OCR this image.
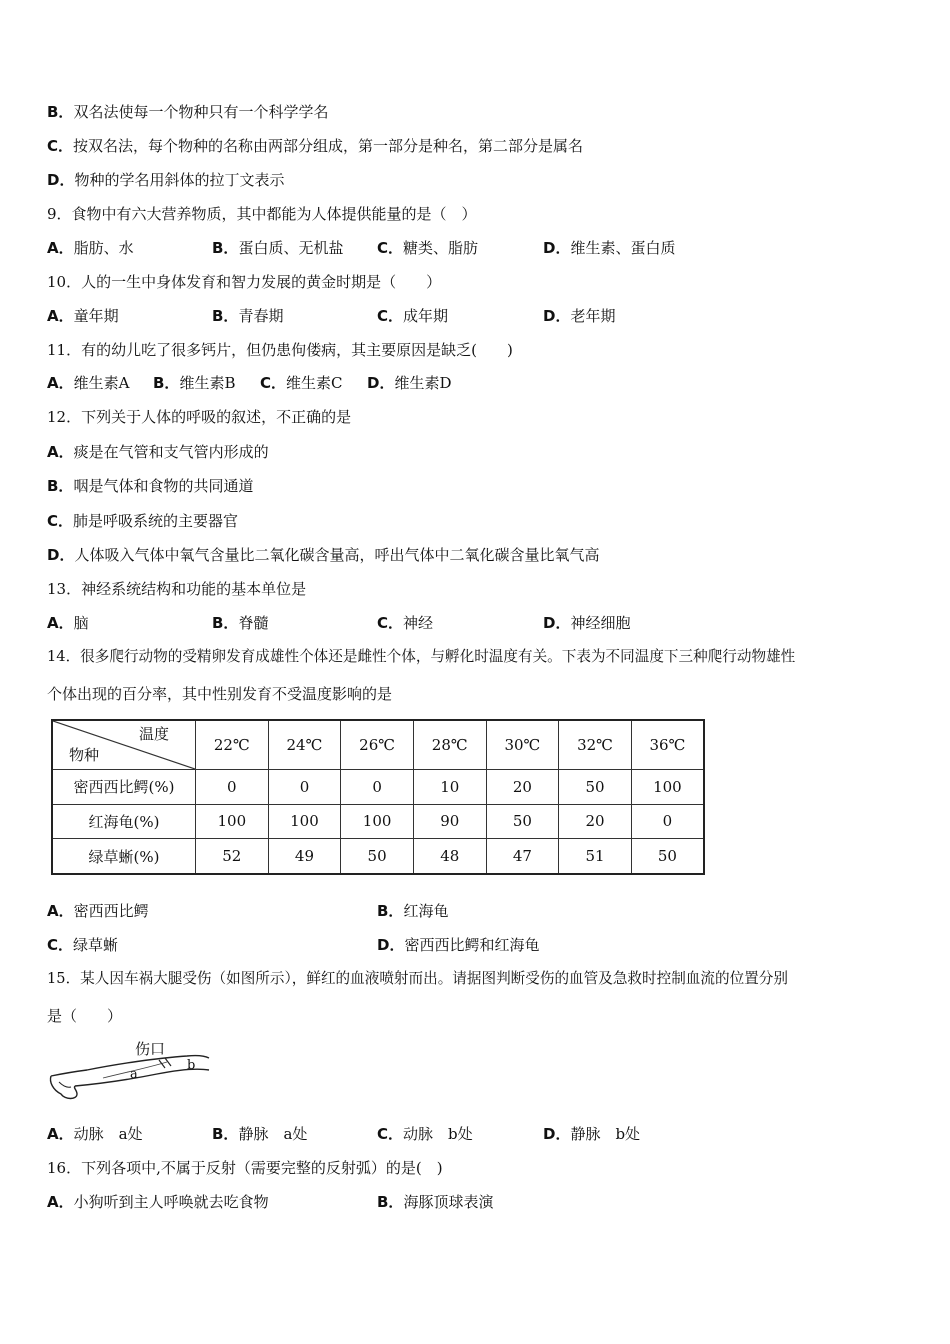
B．双名法使每一个物种只有一个科学学名
C．按双名法，每个物种的名称由两部分组成，第一部分是种名，第二部分是属名
D．物种的学名用斜体的拉丁文表示
9．食物中有六大营养物质，其中都能为人体提供能量的是（　）
A．脂肪、水	B．蛋白质、无机盐 C．糖类、脂肪	D．维生素、蛋白质
10．人的一生中身体发育和智力发展的黄金时期是（　　）
A．童年期	B．青春期	C．成年期	D．老年期
11．有的幼儿吃了很多钙片，但仍患佝偻病，其主要原因是缺乏(　　)
A．维生素A B．维生素B C．维生素C D．维生素D
12．下列关于人体的呼吸的叙述，不正确的是
A．痰是在气管和支气管内形成的
B．咽是气体和食物的共同通道
C．肺是呼吸系统的主要器官
D．人体吸入气体中氧气含量比二氧化碳含量高，呼出气体中二氧化碳含量比氧气高
13．神经系统结构和功能的基本单位是
A．脑	B．脊髓	C．神经	D．神经细胞
14．很多爬行动物的受精卵发育成雄性个体还是雌性个体，与孵化时温度有关。下表为不同温度下三种爬行动物雄性
个体出现的百分率，其中性别发育不受温度影响的是
温度
物种	22℃	24℃	26℃	28℃	30℃	32℃	36℃
密西西比鳄(%)	0	0	0	10	20	50	100
红海龟(%)	100	100	100	90	50	20	0
绿草蜥(%)	52	49	50	48	47	51	50
A．密西西比鳄	B．红海龟
C．绿草蜥	D．密西西比鳄和红海龟
15．某人因车祸大腿受伤（如图所示），鲜红的血液喷射而出。请据图判断受伤的血管及急救时控制血流的位置分别
是（　　）
伤口
a
b
A．动脉　a处	B．静脉　a处	C．动脉　b处	D．静脉　b处
16．下列各项中,不属于反射（需要完整的反射弧）的是(　)
A．小狗听到主人呼唤就去吃食物	B．海豚顶球表演
